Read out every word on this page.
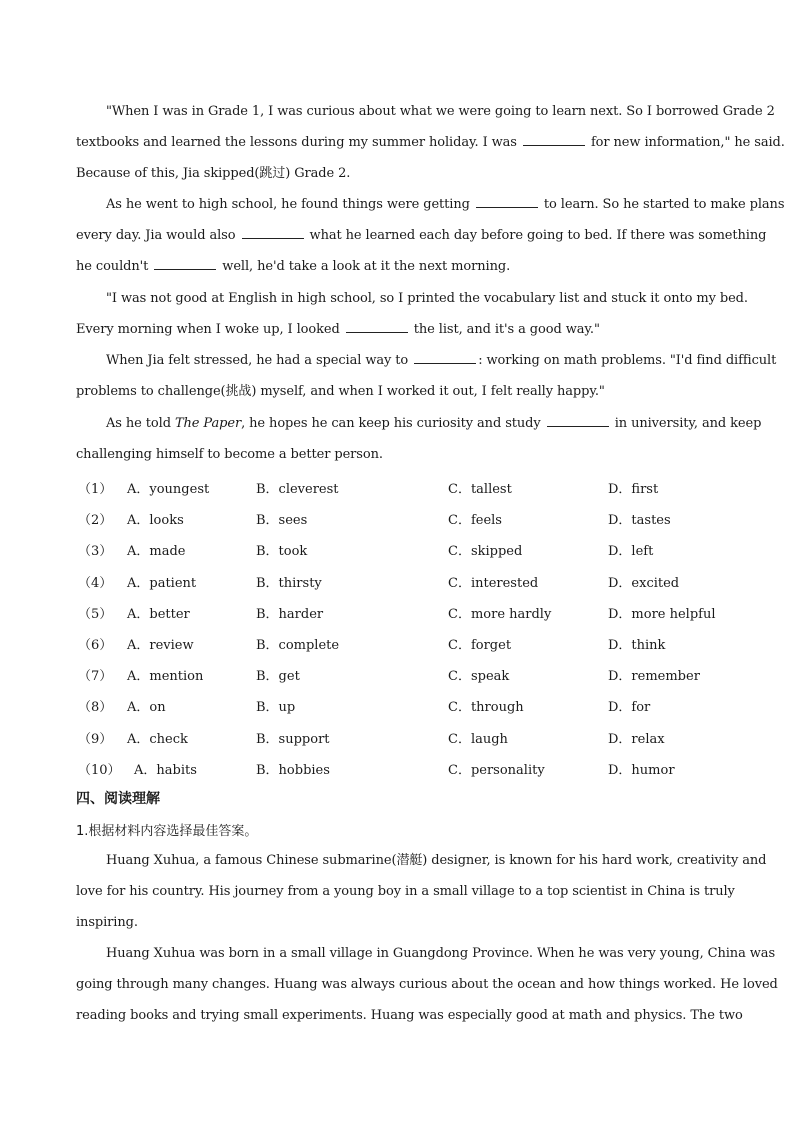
"When I was in Grade 1, I was curious about what we were going to learn next. So I borrowed Grade 2
textbooks and learned the lessons during my summer holiday. I was	for new information," he said.
Because of this, Jia skipped(跳过) Grade 2.
As he went to high school, he found things were getting	to learn. So he started to make plans
every day. Jia would also	what he learned each day before going to bed. If there was something
he couldn't	well, he'd take a look at it the next morning.
"I was not good at English in high school, so I printed the vocabulary list and stuck it onto my bed.
Every morning when I woke up, I looked	the list, and it's a good way."
When Jia felt stressed, he had a special way to	: working on math problems. "I'd find difficult
problems to challenge(挑战) myself, and when I worked it out, I felt really happy."
As he told The Paper, he hopes he can keep his curiosity and study	in university, and keep
challenging himself to become a better person.
（1） A．youngest	B．cleverest	C．tallest	D．first
（2） A．looks	B．sees	C．feels	D．tastes
（3） A．made	B．took	C．skipped	D．left
（4） A．patient	B．thirsty	C．interested	D．excited
（5） A．better	B．harder	C．more hardly	D．more helpful
（6） A．review	B．complete	C．forget	D．think
（7） A．mention	B．get	C．speak	D．remember
（8） A．on	B．up	C．through	D．for
（9） A．check	B．support	C．laugh	D．relax
（10） A．habits	B．hobbies	C．personality	D．humor
四、阅读理解
1.根据材料内容选择最佳答案。
Huang Xuhua, a famous Chinese submarine(潜艇) designer, is known for his hard work, creativity and
love for his country. His journey from a young boy in a small village to a top scientist in China is truly
inspiring.
Huang Xuhua was born in a small village in Guangdong Province. When he was very young, China was
going through many changes. Huang was always curious about the ocean and how things worked. He loved
reading books and trying small experiments. Huang was especially good at math and physics. The two
